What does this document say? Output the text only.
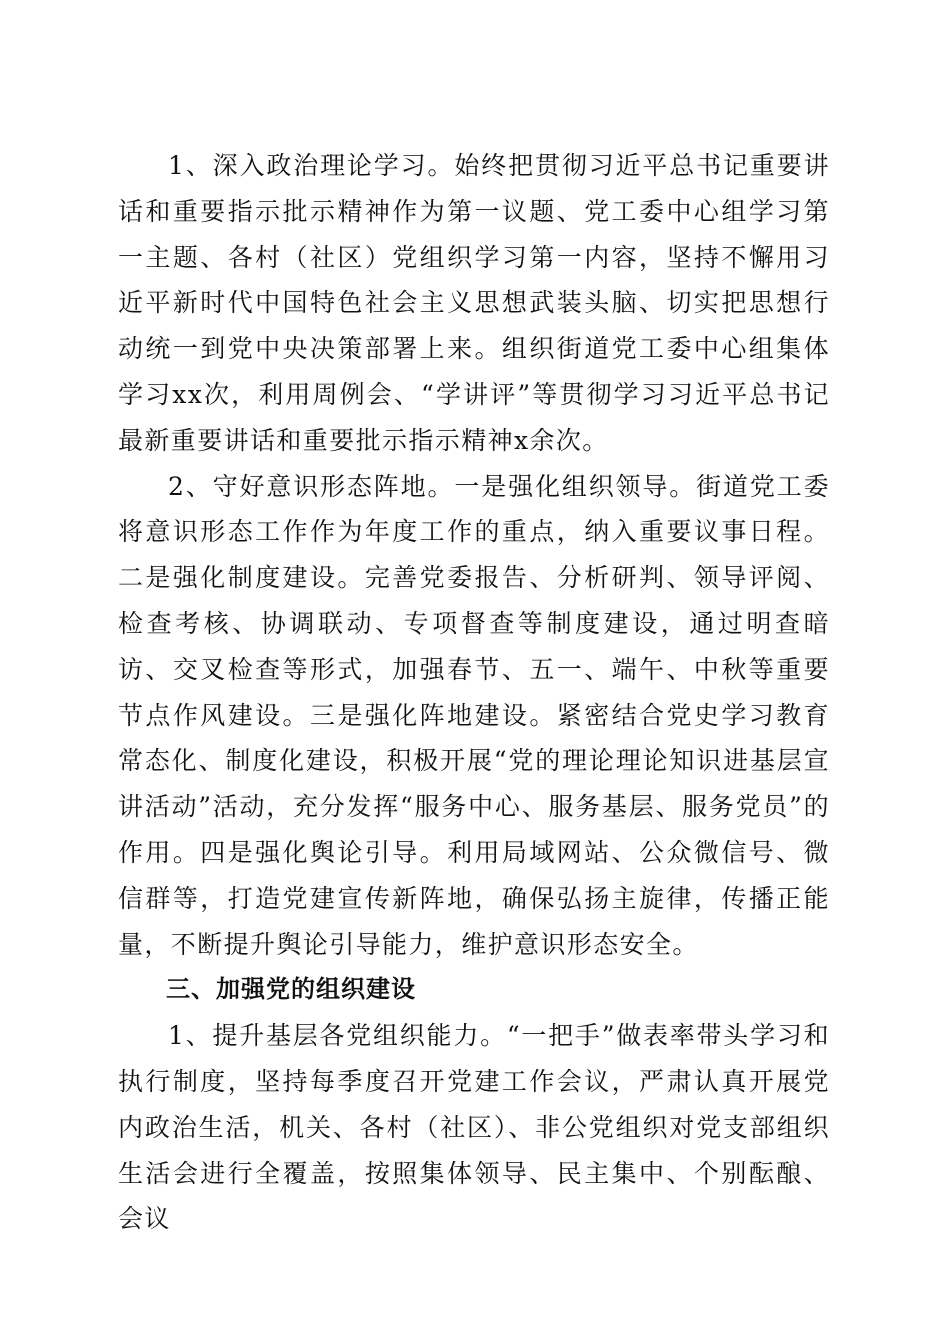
1、深入政治理论学习。始终把贯彻习近平总书记重要讲话和重要指示批示精神作为第一议题、党工委中心组学习第一主题、各村（社区）党组织学习第一内容，坚持不懈用习近平新时代中国特色社会主义思想武装头脑、切实把思想行动统一到党中央决策部署上来。组织街道党工委中心组集体学习xx次，利用周例会、“学讲评”等贯彻学习习近平总书记最新重要讲话和重要批示指示精神x余次。

2、守好意识形态阵地。一是强化组织领导。街道党工委将意识形态工作作为年度工作的重点，纳入重要议事日程。二是强化制度建设。完善党委报告、分析研判、领导评阅、检查考核、协调联动、专项督查等制度建设，通过明查暗访、交叉检查等形式，加强春节、五一、端午、中秋等重要节点作风建设。三是强化阵地建设。紧密结合党史学习教育常态化、制度化建设，积极开展“党的理论理论知识进基层宣讲活动”活动，充分发挥“服务中心、服务基层、服务党员”的作用。四是强化舆论引导。利用局域网站、公众微信号、微信群等，打造党建宣传新阵地，确保弘扬主旋律，传播正能量，不断提升舆论引导能力，维护意识形态安全。

三、加强党的组织建设

1、提升基层各党组织能力。“一把手”做表率带头学习和执行制度，坚持每季度召开党建工作会议，严肃认真开展党内政治生活，机关、各村（社区）、非公党组织对党支部组织生活会进行全覆盖，按照集体领导、民主集中、个别酝酿、会议
